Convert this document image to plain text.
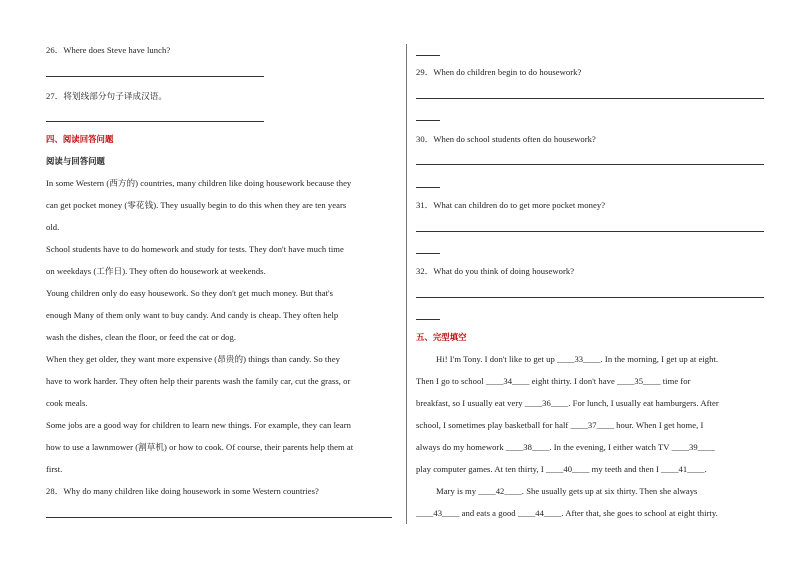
26．Where does Steve have lunch?
27．将划线部分句子译成汉语。
四、阅读回答问题
阅读与回答问题
In some Western (西方的) countries, many children like doing housework because they
can get pocket money (零花钱). They usually begin to do this when they are ten years
old.
School students have to do homework and study for tests. They don't have much time
on weekdays (工作日). They often do housework at weekends.
Young children only do easy housework. So they don't get much money. But that's
enough Many of them only want to buy candy. And candy is cheap. They often help
wash the dishes, clean the floor, or feed the cat or dog.
When they get older, they want more expensive (昂贵的) things than candy. So they
have to work harder. They often help their parents wash the family car, cut the grass, or
cook meals.
Some jobs are a good way for children to learn new things. For example, they can learn
how to use a lawnmower (割草机) or how to cook. Of course, their parents help them at
first.
28．Why do many children like doing housework in some Western countries?
29．When do children begin to do housework?
30．When do school students often do housework?
31．What can children do to get more pocket money?
32．What do you think of doing housework?
五、完型填空
Hi! I'm Tony. I don't like to get up ____33____. In the morning, I get up at eight.
Then I go to school ____34____ eight thirty. I don't have ____35____ time for
breakfast, so I usually eat very ____36____. For lunch, I usually eat hamburgers. After
school, I sometimes play basketball for half ____37____ hour. When I get home, I
always do my homework ____38____. In the evening, I either watch TV ____39____
play computer games. At ten thirty, I ____40____ my teeth and then I ____41____.
Mary is my ____42____. She usually gets up at six thirty. Then she always
____43____ and eats a good ____44____. After that, she goes to school at eight thirty.
